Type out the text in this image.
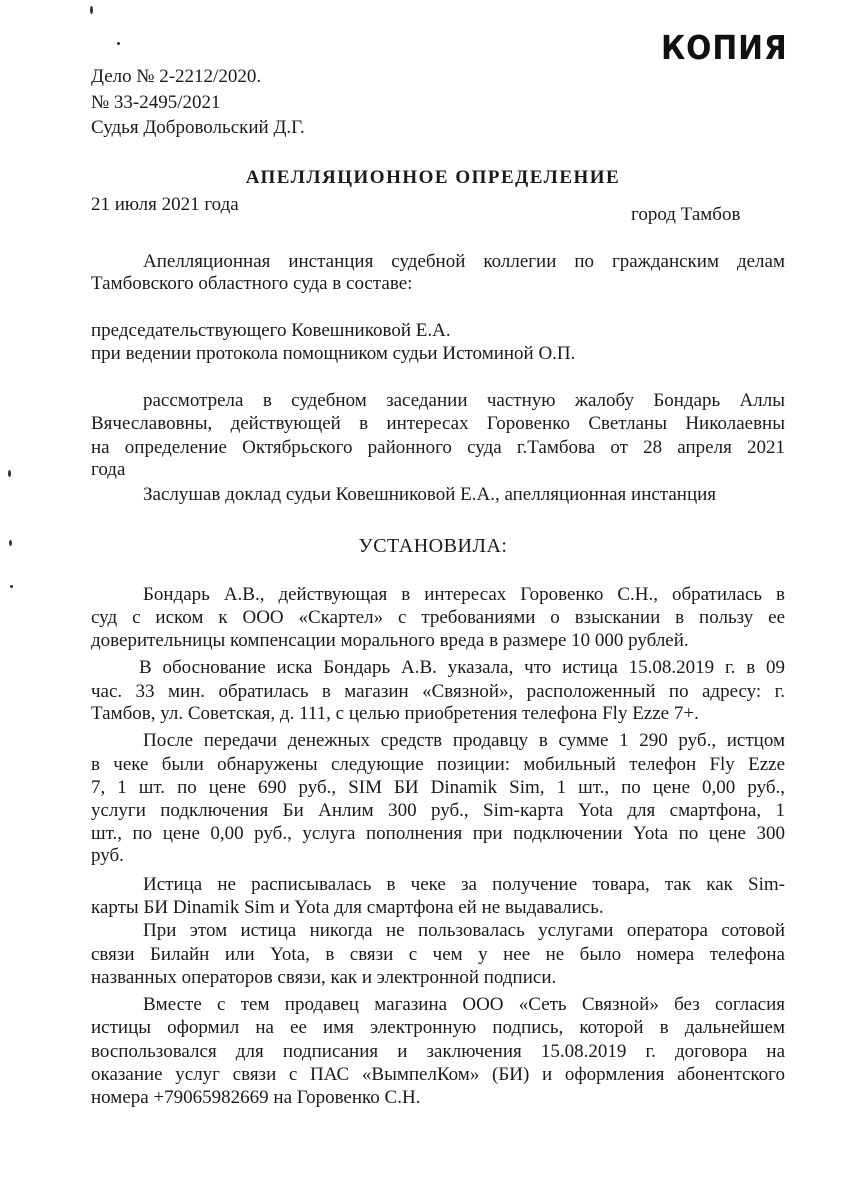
КОПИЯ
Дело № 2-2212/2020.
№ 33-2495/2021
Судья Добровольский Д.Г.
АПЕЛЛЯЦИОННОЕ ОПРЕДЕЛЕНИЕ
21 июля 2021 года	город Тамбов
Апелляционная инстанция судебной коллегии по гражданским делам
Тамбовского областного суда в составе:
председательствующего Ковешниковой Е.А.
при ведении протокола помощником судьи Истоминой О.П.
рассмотрела в судебном заседании частную жалобу Бондарь Аллы
Вячеславовны, действующей в интересах Горовенко Светланы Николаевны
на определение Октябрьского районного суда г.Тамбова от 28 апреля 2021
года
Заслушав доклад судьи Ковешниковой Е.А., апелляционная инстанция
УСТАНОВИЛА:
Бондарь А.В., действующая в интересах Горовенко С.Н., обратилась в
суд с иском к ООО «Скартел» с требованиями о взыскании в пользу ее
доверительницы компенсации морального вреда в размере 10 000 рублей.
В обоснование иска Бондарь А.В. указала, что истица 15.08.2019 г. в 09
час. 33 мин. обратилась в магазин «Связной», расположенный по адресу: г.
Тамбов, ул. Советская, д. 111, с целью приобретения телефона Fly Ezze 7+.
После передачи денежных средств продавцу в сумме 1 290 руб., истцом
в чеке были обнаружены следующие позиции: мобильный телефон Fly Ezze
7, 1 шт. по цене 690 руб., SIM БИ Dinamik Sim, 1 шт., по цене 0,00 руб.,
услуги подключения Би Анлим 300 руб., Sim-карта Yota для смартфона, 1
шт., по цене 0,00 руб., услуга пополнения при подключении Yota по цене 300
руб.
Истица не расписывалась в чеке за получение товара, так как Sim-
карты БИ Dinamik Sim и Yota для смартфона ей не выдавались.
При этом истица никогда не пользовалась услугами оператора сотовой
связи Билайн или Yota, в связи с чем у нее не было номера телефона
названных операторов связи, как и электронной подписи.
Вместе с тем продавец магазина ООО «Сеть Связной» без согласия
истицы оформил на ее имя электронную подпись, которой в дальнейшем
воспользовался для подписания и заключения 15.08.2019 г. договора на
оказание услуг связи с ПАС «ВымпелКом» (БИ) и оформления абонентского
номера +79065982669 на Горовенко С.Н.
